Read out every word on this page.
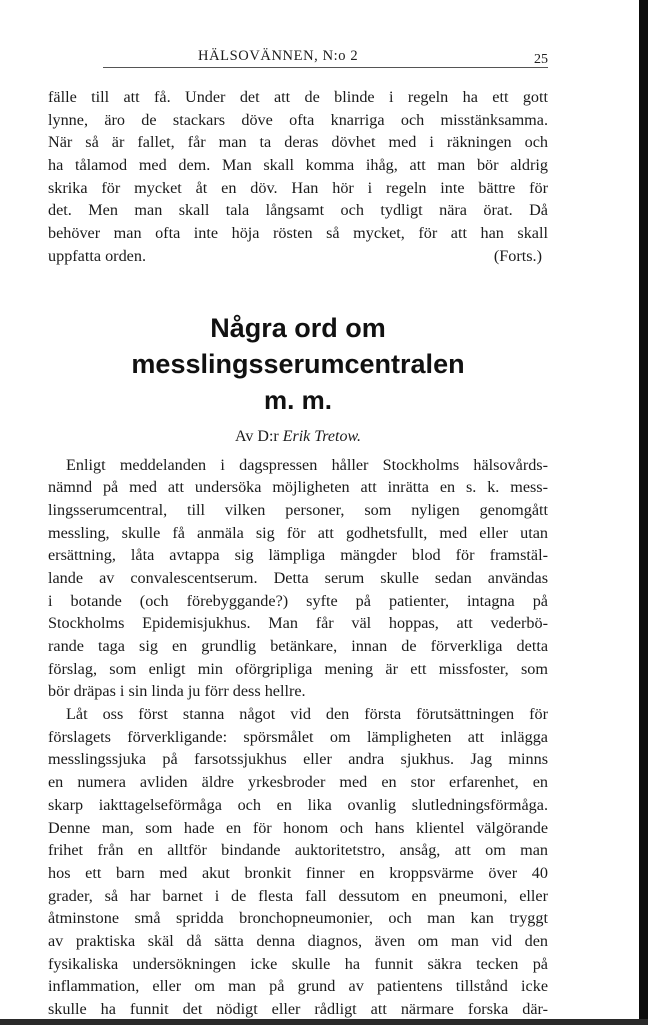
HÄLSOVÄNNEN, N:o 2	25
fälle till att få. Under det att de blinde i regeln ha ett gott
lynne, äro de stackars döve ofta knarriga och misstänksamma.
När så är fallet, får man ta deras dövhet med i räkningen och
ha tålamod med dem. Man skall komma ihåg, att man bör aldrig
skrika för mycket åt en döv. Han hör i regeln inte bättre för
det. Men man skall tala långsamt och tydligt nära örat. Då
behöver man ofta inte höja rösten så mycket, för att han skall
uppfatta orden.	(Forts.)
Några ord om messlingsserumcentralen
m. m.
Av D:r Erik Tretow.
Enligt meddelanden i dagspressen håller Stockholms hälsovårds-
nämnd på med att undersöka möjligheten att inrätta en s. k. mess-
lingsserumcentral, till vilken personer, som nyligen genomgått
messling, skulle få anmäla sig för att godhetsfullt, med eller utan
ersättning, låta avtappa sig lämpliga mängder blod för framstäl-
lande av convalescentserum. Detta serum skulle sedan användas
i botande (och förebyggande?) syfte på patienter, intagna på
Stockholms Epidemisjukhus. Man får väl hoppas, att vederbö-
rande taga sig en grundlig betänkare, innan de förverkliga detta
förslag, som enligt min oförgripliga mening är ett missfoster, som
bör dräpas i sin linda ju förr dess hellre.
Låt oss först stanna något vid den första förutsättningen för
förslagets förverkligande: spörsmålet om lämpligheten att inlägga
messlingssjuka på farsotssjukhus eller andra sjukhus. Jag minns
en numera avliden äldre yrkesbroder med en stor erfarenhet, en
skarp iakttagelseförmåga och en lika ovanlig slutledningsförmåga.
Denne man, som hade en för honom och hans klientel välgörande
frihet från en alltför bindande auktoritetstro, ansåg, att om man
hos ett barn med akut bronkit finner en kroppsvärme över 40
grader, så har barnet i de flesta fall dessutom en pneumoni, eller
åtminstone små spridda bronchopneumonier, och man kan tryggt
av praktiska skäl då sätta denna diagnos, även om man vid den
fysikaliska undersökningen icke skulle ha funnit säkra tecken på
inflammation, eller om man på grund av patientens tillstånd icke
skulle ha funnit det nödigt eller rådligt att närmare forska där-
